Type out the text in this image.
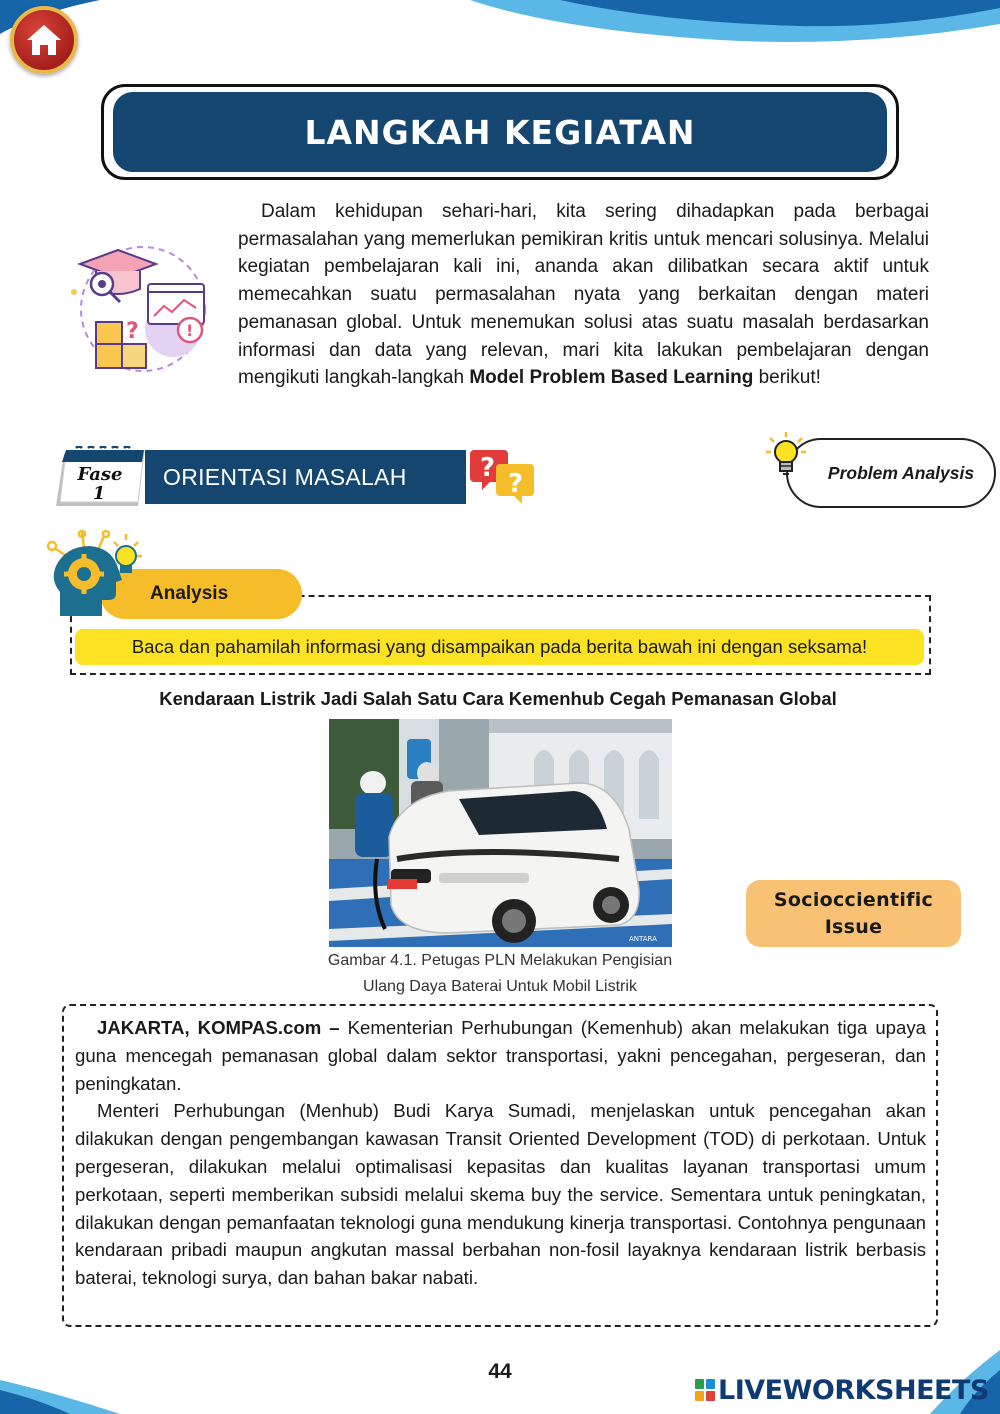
LANGKAH KEGIATAN
!
?

Dalam kehidupan sehari-hari, kita sering dihadapkan pada berbagai permasalahan yang memerlukan pemikiran kritis untuk mencari solusinya. Melalui kegiatan pembelajaran kali ini, ananda akan dilibatkan secara aktif untuk memecahkan suatu permasalahan nyata yang berkaitan dengan materi pemanasan global. Untuk menemukan solusi atas suatu masalah berdasarkan informasi dan data yang relevan, mari kita lakukan pembelajaran dengan mengikuti langkah-langkah Model Problem Based Learning berikut!

Fase
1
ORIENTASI MASALAH	?
?	Problem Analysis
Analysis
Baca dan pahamilah informasi yang disampaikan pada berita bawah ini dengan seksama!
Kendaraan Listrik Jadi Salah Satu Cara Kemenhub Cegah Pemanasan Global
ANTARA
Gambar 4.1. Petugas PLN Melakukan Pengisian
Ulang Daya Baterai Untuk Mobil Listrik
Socioccientific
Issue

JAKARTA, KOMPAS.com – Kementerian Perhubungan (Kemenhub) akan melakukan tiga upaya guna mencegah pemanasan global dalam sektor transportasi, yakni pencegahan, pergeseran, dan peningkatan.

Menteri Perhubungan (Menhub) Budi Karya Sumadi, menjelaskan untuk pencegahan akan dilakukan dengan pengembangan kawasan Transit Oriented Development (TOD) di perkotaan. Untuk pergeseran, dilakukan melalui optimalisasi kepasitas dan kualitas layanan transportasi umum perkotaan, seperti memberikan subsidi melalui skema buy the service. Sementara untuk peningkatan, dilakukan dengan pemanfaatan teknologi guna mendukung kinerja transportasi. Contohnya pengunaan kendaraan pribadi maupun angkutan massal berbahan non-fosil layaknya kendaraan listrik berbasis baterai, teknologi surya, dan bahan bakar nabati.

44
LIVEWORKSHEETS
